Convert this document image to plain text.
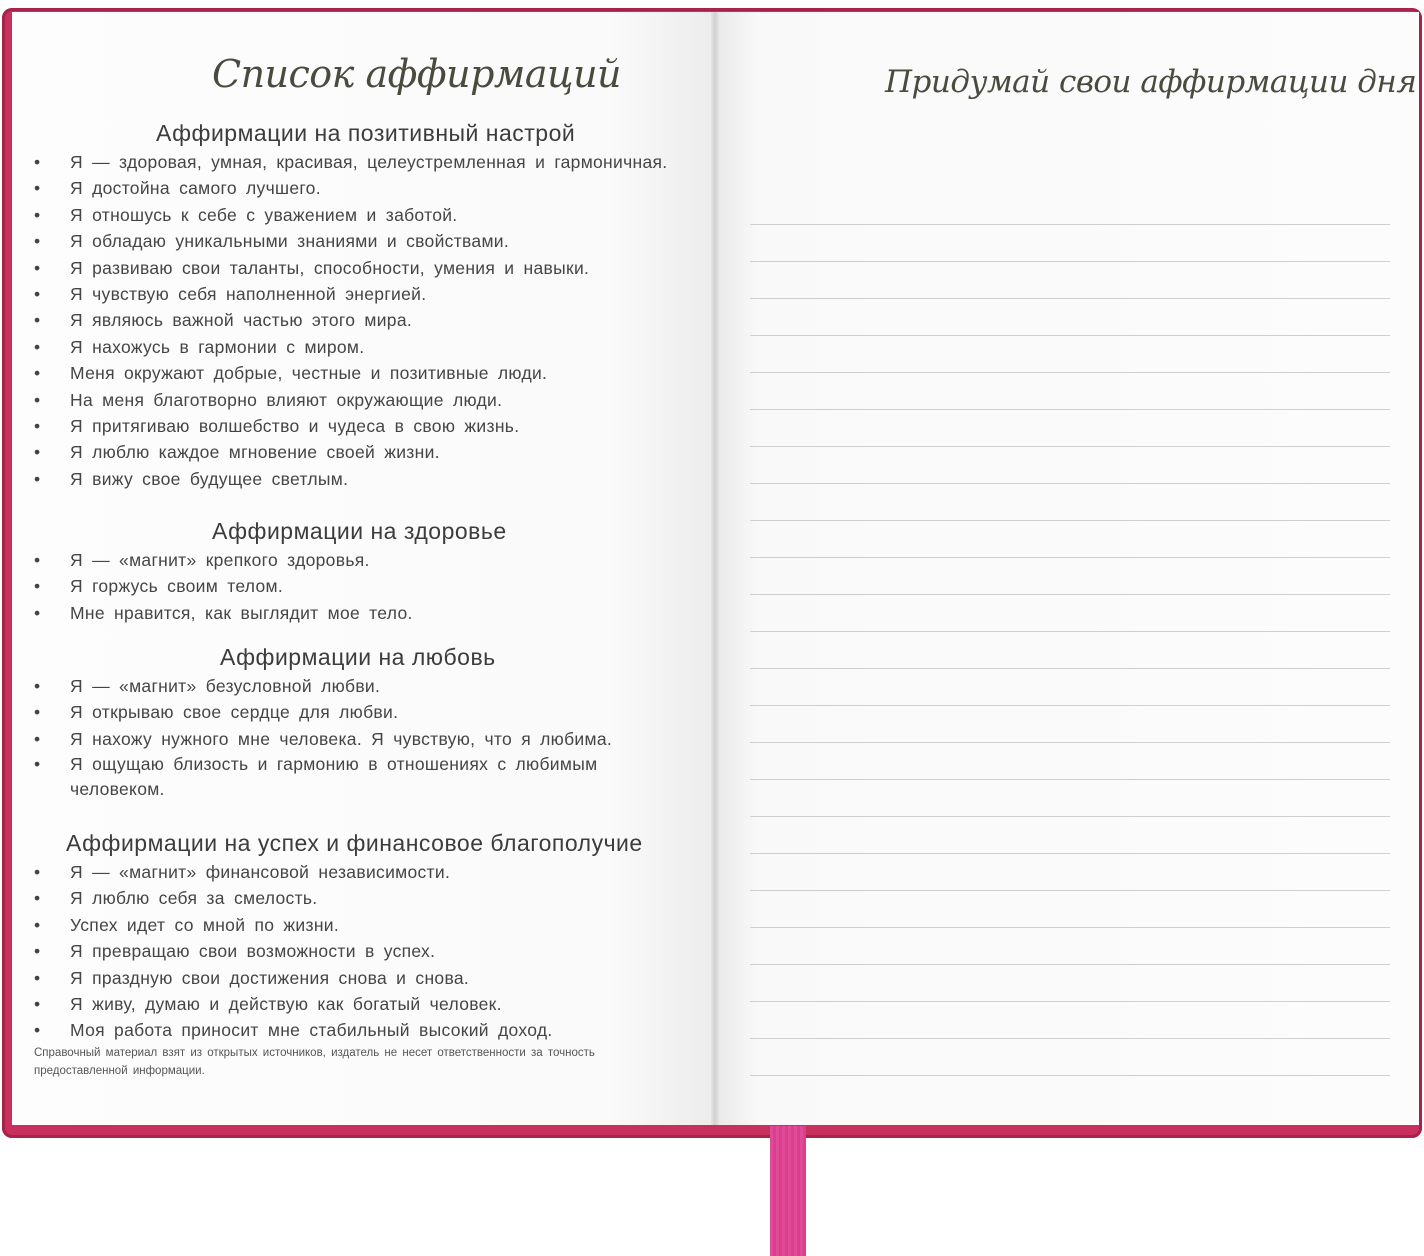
Список аффирмаций
Аффирмации на позитивный настрой
• Я — здоровая, умная, красивая, целеустремленная и гармоничная.
• Я достойна самого лучшего.
• Я отношусь к себе с уважением и заботой.
• Я обладаю уникальными знаниями и свойствами.
• Я развиваю свои таланты, способности, умения и навыки.
• Я чувствую себя наполненной энергией.
• Я являюсь важной частью этого мира.
• Я нахожусь в гармонии с миром.
• Меня окружают добрые, честные и позитивные люди.
• На меня благотворно влияют окружающие люди.
• Я притягиваю волшебство и чудеса в свою жизнь.
• Я люблю каждое мгновение своей жизни.
• Я вижу свое будущее светлым.
Аффирмации на здоровье
• Я — «магнит» крепкого здоровья.
• Я горжусь своим телом.
• Мне нравится, как выглядит мое тело.
Аффирмации на любовь
• Я — «магнит» безусловной любви.
• Я открываю свое сердце для любви.
• Я нахожу нужного мне человека. Я чувствую, что я любима.
• Я ощущаю близость и гармонию в отношениях с любимым человеком.
Аффирмации на успех и финансовое благополучие
• Я — «магнит» финансовой независимости.
• Я люблю себя за смелость.
• Успех идет со мной по жизни.
• Я превращаю свои возможности в успех.
• Я праздную свои достижения снова и снова.
• Я живу, думаю и действую как богатый человек.
• Моя работа приносит мне стабильный высокий доход.
Справочный материал взят из открытых источников, издатель не несет ответственности за точность предоставленной информации.
Придумай свои аффирмации дня
